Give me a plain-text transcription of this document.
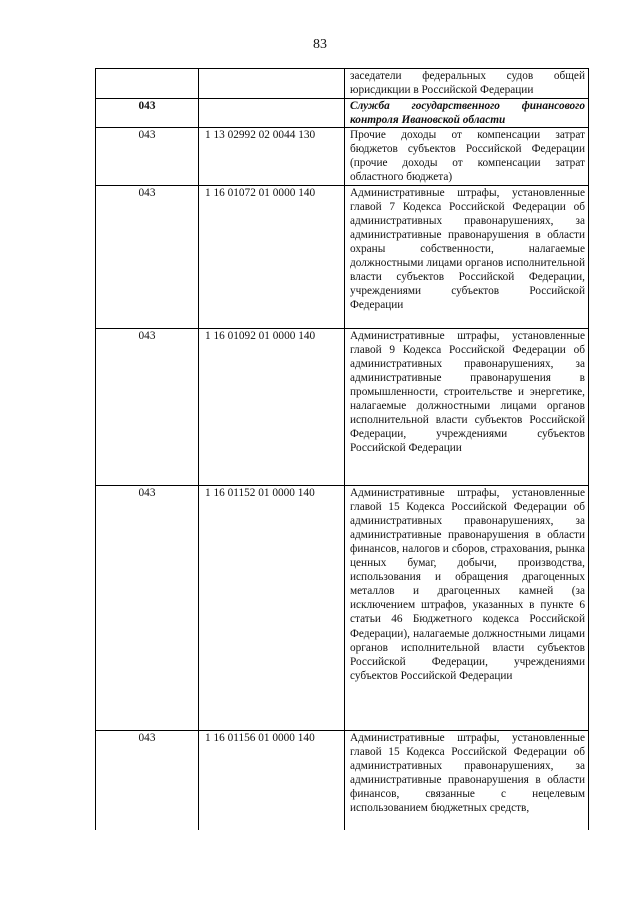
83
		заседатели федеральных судов общей юрисдикции в Российской Федерации
043		Служба государственного финансового контроля Ивановской области
043	1 13 02992 02 0044 130	Прочие доходы от компенсации затрат бюджетов субъектов Российской Федерации (прочие доходы от компенсации затрат областного бюджета)
043	1 16 01072 01 0000 140	Административные штрафы, установленные главой 7 Кодекса Российской Федерации об административных правонарушениях, за административные правонарушения в области охраны собственности, налагаемые должностными лицами органов исполнительной власти субъектов Российской Федерации, учреждениями субъектов Российской Федерации
043	1 16 01092 01 0000 140	Административные штрафы, установленные главой 9 Кодекса Российской Федерации об административных правонарушениях, за административные правонарушения в промышленности, строительстве и энергетике, налагаемые должностными лицами органов исполнительной власти субъектов Российской Федерации, учреждениями субъектов Российской Федерации
043	1 16 01152 01 0000 140	Административные штрафы, установленные главой 15 Кодекса Российской Федерации об административных правонарушениях, за административные правонарушения в области финансов, налогов и сборов, страхования, рынка ценных бумаг, добычи, производства, использования и обращения драгоценных металлов и драгоценных камней (за исключением штрафов, указанных в пункте 6 статьи 46 Бюджетного кодекса Российской Федерации), налагаемые должностными лицами органов исполнительной власти субъектов Российской Федерации, учреждениями субъектов Российской Федерации
043	1 16 01156 01 0000 140	Административные штрафы, установленные главой 15 Кодекса Российской Федерации об административных правонарушениях, за административные правонарушения в области финансов, связанные с нецелевым использованием бюджетных средств,
